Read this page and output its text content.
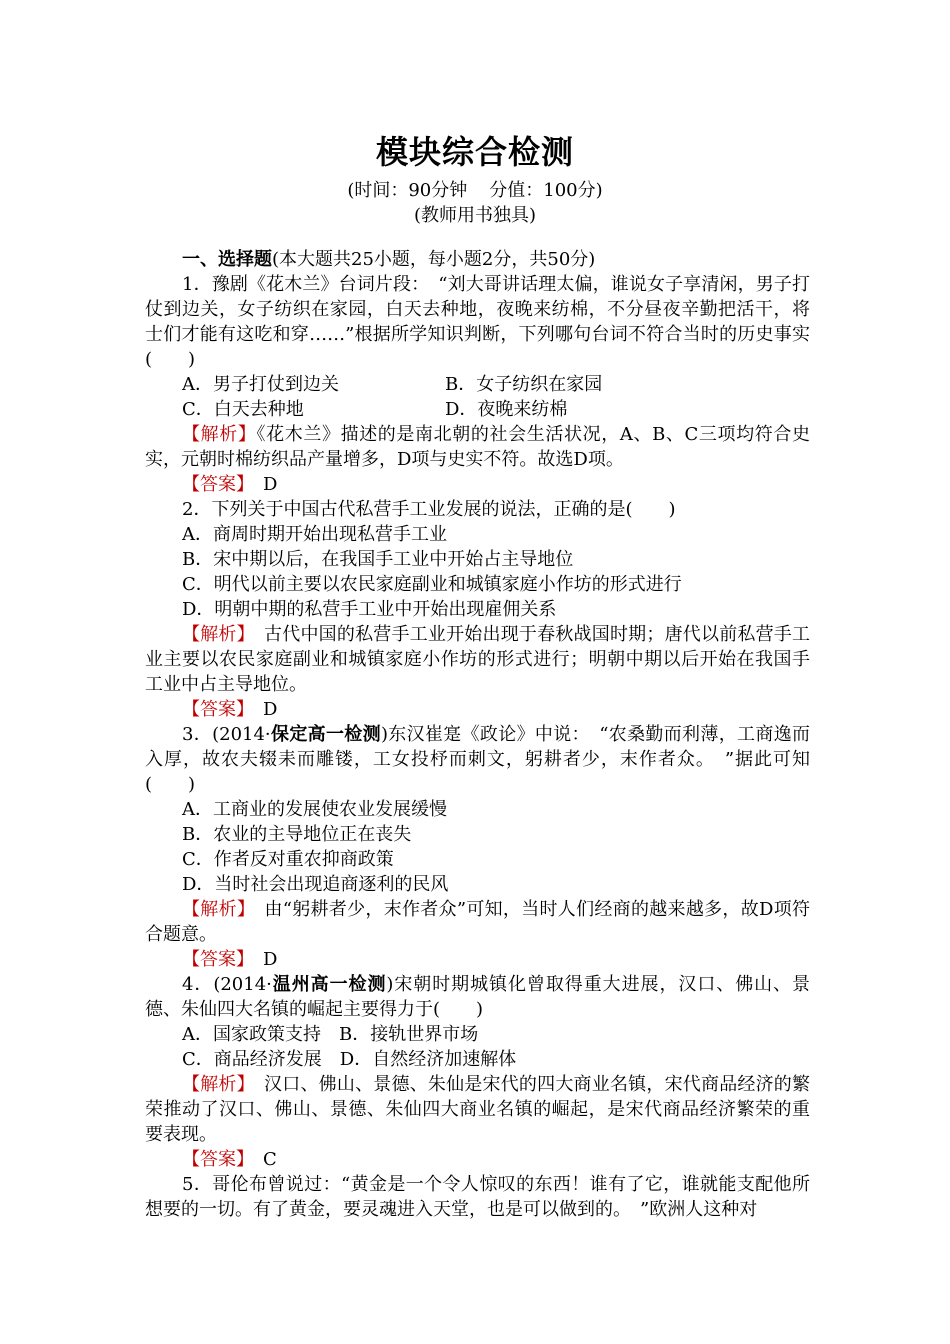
模块综合检测
(时间：90分钟 分值：100分)
(教师用书独具)

一、选择题(本大题共25小题，每小题2分，共50分)

1．豫剧《花木兰》台词片段：　“刘大哥讲话理太偏，谁说女子享清闲，男子打仗到边关，女子纺织在家园，白天去种地，夜晚来纺棉，不分昼夜辛勤把活干，将士们才能有这吃和穿……”根据所学知识判断，下列哪句台词不符合当时的历史事实(　　)

A．男子打仗到边关	B．女子纺织在家园
C．白天去种地	D．夜晚来纺棉

【解析】《花木兰》描述的是南北朝的社会生活状况，A、B、C三项均符合史实，元朝时棉纺织品产量增多，D项与史实不符。故选D项。

【答案】　 D

2．下列关于中国古代私营手工业发展的说法，正确的是(　　)

A．商周时期开始出现私营手工业

B．宋中期以后，在我国手工业中开始占主导地位

C．明代以前主要以农民家庭副业和城镇家庭小作坊的形式进行

D．明朝中期的私营手工业中开始出现雇佣关系

【解析】　 古代中国的私营手工业开始出现于春秋战国时期；唐代以前私营手工业主要以农民家庭副业和城镇家庭小作坊的形式进行；明朝中期以后开始在我国手工业中占主导地位。

【答案】　 D

3．(2014·保定高一检测)东汉崔寔《政论》中说：　“农桑勤而利薄，工商逸而入厚，故农夫辍耒而雕镂，工女投杼而刺文，躬耕者少，末作者众。　”据此可知(　　)

A．工商业的发展使农业发展缓慢

B．农业的主导地位正在丧失

C．作者反对重农抑商政策

D．当时社会出现追商逐利的民风

【解析】　 由“躬耕者少，末作者众”可知，当时人们经商的越来越多，故D项符合题意。

【答案】　 D

4．(2014·温州高一检测)宋朝时期城镇化曾取得重大进展，汉口、佛山、景德、朱仙四大名镇的崛起主要得力于(　　)

A．国家政策支持　B．接轨世界市场

C．商品经济发展　D．自然经济加速解体

【解析】　 汉口、佛山、景德、朱仙是宋代的四大商业名镇，宋代商品经济的繁荣推动了汉口、佛山、景德、朱仙四大商业名镇的崛起，是宋代商品经济繁荣的重要表现。

【答案】　 C

5．哥伦布曾说过：“黄金是一个令人惊叹的东西！谁有了它，谁就能支配他所想要的一切。有了黄金，要灵魂进入天堂，也是可以做到的。　”欧洲人这种对
